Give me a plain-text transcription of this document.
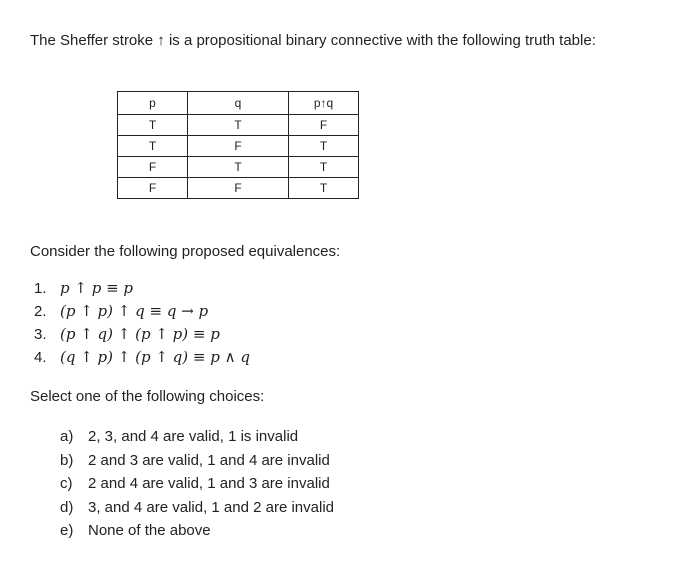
The Sheffer stroke ↑ is a propositional binary connective with the following truth table:
p	q	p↑q
T	T	F
T	F	T
F	T	T
F	F	T
Consider the following proposed equivalences:
1. p ↑ p ≡ p
2. (p ↑ p) ↑ q ≡ q → p
3. (p ↑ q) ↑ (p ↑ p) ≡ p
4. (q ↑ p) ↑ (p ↑ q) ≡ p ∧ q
Select one of the following choices:
a) 2, 3, and 4 are valid, 1 is invalid
b) 2 and 3 are valid, 1 and 4 are invalid
c) 2 and 4 are valid, 1 and 3 are invalid
d) 3, and 4 are valid, 1 and 2 are invalid
e) None of the above
